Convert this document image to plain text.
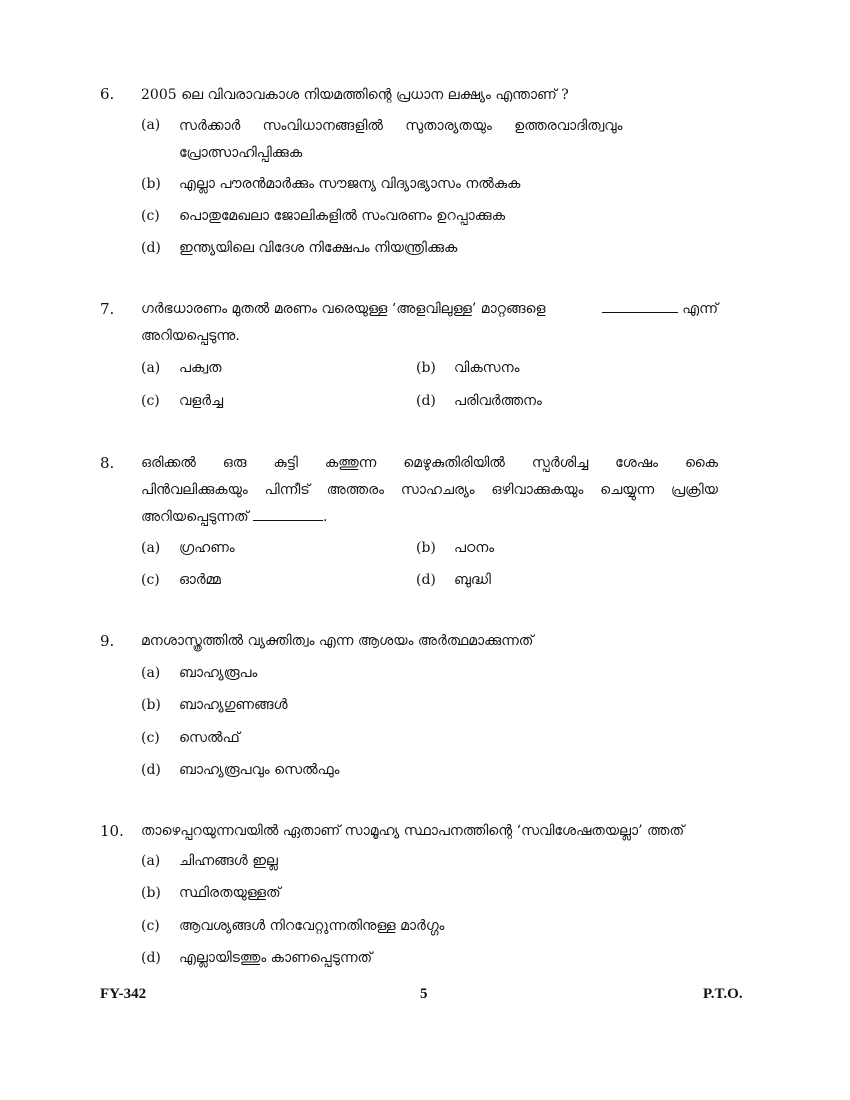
6. 2005 ലെ വിവരാവകാശ നിയമത്തിന്റെ പ്രധാന ലക്ഷ്യം എന്താണ് ?
(a) സർക്കാർ     സംവിധാനങ്ങളിൽ     സുതാര്യതയും     ഉത്തരവാദിത്വവും
പ്രോത്സാഹിപ്പിക്കുക
(b) എല്ലാ പൗരൻമാർക്കും സൗജന്യ വിദ്യാഭ്യാസം നൽകുക
(c) പൊതുമേഖലാ ജോലികളിൽ സംവരണം ഉറപ്പാക്കുക
(d) ഇന്ത്യയിലെ വിദേശ നിക്ഷേപം നിയന്ത്രിക്കുക
7. ഗർഭധാരണം മുതൽ മരണം വരെയുള്ള ‘അളവിലുള്ള’ മാറ്റങ്ങളെ	എന്ന്
അറിയപ്പെടുന്നു.
(a) പക്വത	(b) വികസനം
(c) വളർച്ച	(d) പരിവർത്തനം
8. ഒരിക്കൽ ഒരു കുട്ടി കത്തുന്ന മെഴുകുതിരിയിൽ സ്പർശിച്ച ശേഷം കൈ
പിൻവലിക്കുകയും പിന്നീട് അത്തരം സാഹചര്യം ഒഴിവാക്കുകയും ചെയ്യുന്ന പ്രക്രിയ
അറിയപ്പെടുന്നത്	.
(a) ഗ്രഹണം	(b) പഠനം
(c) ഓർമ്മ	(d) ബുദ്ധി
9. മനശാസ്ത്രത്തിൽ വ്യക്തിത്വം എന്ന ആശയം അർത്ഥമാക്കുന്നത്
(a) ബാഹ്യരൂപം
(b) ബാഹ്യഗുണങ്ങൾ
(c) സെൽഫ്
(d) ബാഹ്യരൂപവും സെൽഫും
10. താഴെപ്പറയുന്നവയിൽ ഏതാണ് സാമൂഹ്യ സ്ഥാപനത്തിന്റെ ‘സവിശേഷതയല്ലാ’ ത്തത്
(a) ചിഹ്നങ്ങൾ ഇല്ല
(b) സ്ഥിരതയുള്ളത്
(c) ആവശ്യങ്ങൾ നിറവേറ്റുന്നതിനുള്ള മാർഗ്ഗം
(d) എല്ലായിടത്തും കാണപ്പെടുന്നത്
FY-342	5	P.T.O.
